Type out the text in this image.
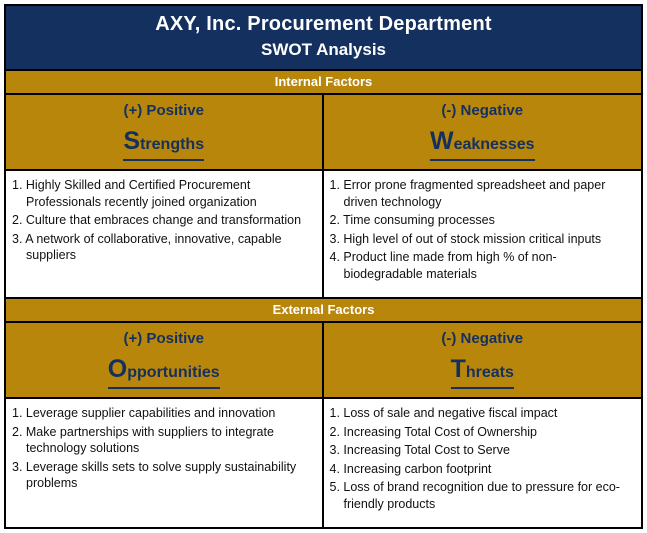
AXY, Inc. Procurement Department
SWOT Analysis
Internal Factors
(+) Positive
Strengths
(-) Negative
Weaknesses
1. Highly Skilled and Certified Procurement Professionals recently joined organization
2. Culture that embraces change and transformation
3. A network of collaborative, innovative, capable suppliers
1. Error prone fragmented spreadsheet and paper driven technology
2. Time consuming processes
3. High level of out of stock mission critical inputs
4. Product line made from high % of non-biodegradable materials
External Factors
(+) Positive
Opportunities
(-) Negative
Threats
1. Leverage supplier capabilities and innovation
2. Make partnerships with suppliers to integrate technology solutions
3. Leverage skills sets to solve supply sustainability problems
1. Loss of sale and negative fiscal impact
2. Increasing Total Cost of Ownership
3. Increasing Total Cost to Serve
4. Increasing carbon footprint
5. Loss of brand recognition due to pressure for eco-friendly products
